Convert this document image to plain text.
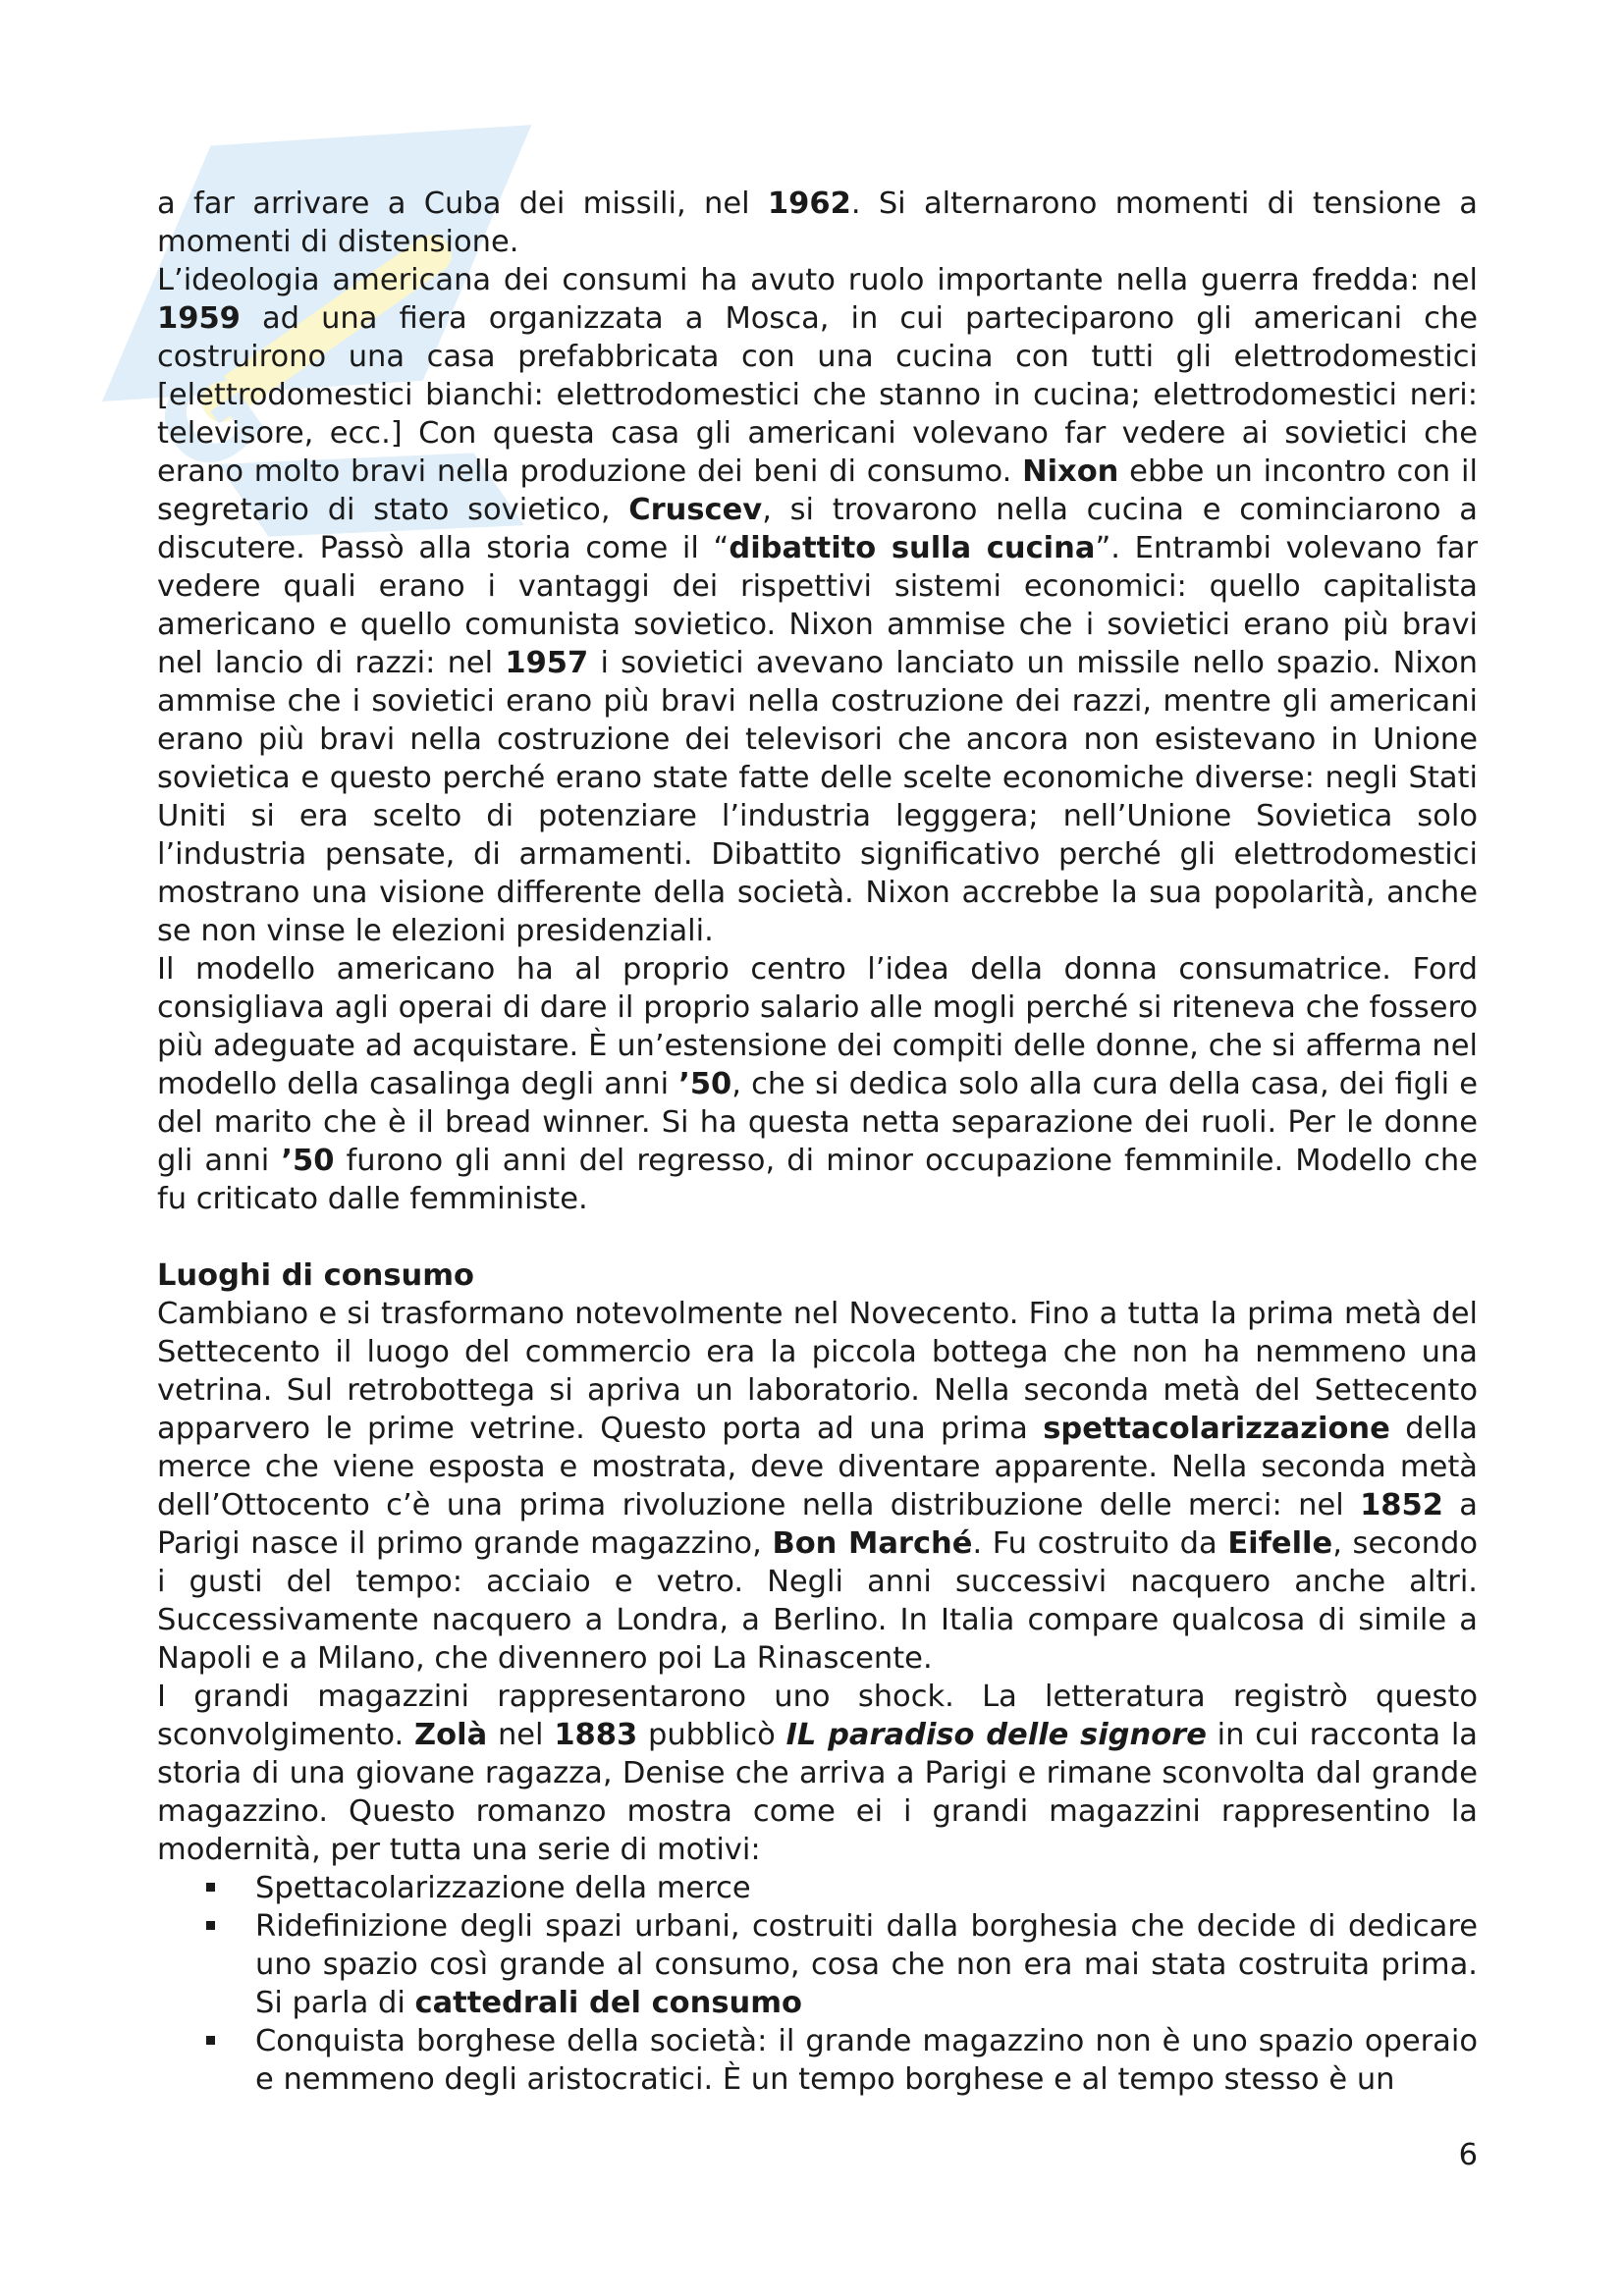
G

a far arrivare a Cuba dei missili, nel 1962. Si alternarono momenti di tensione a momenti di distensione.

L’ideologia americana dei consumi ha avuto ruolo importante nella guerra fredda: nel 1959 ad una fiera organizzata a Mosca, in cui parteciparono gli americani che costruirono una casa prefabbricata con una cucina con tutti gli elettrodomestici [elettrodomestici bianchi: elettrodomestici che stanno in cucina; elettrodomestici neri: televisore, ecc.] Con questa casa gli americani volevano far vedere ai sovietici che erano molto bravi nella produzione dei beni di consumo. Nixon ebbe un incontro con il segretario di stato sovietico, Cruscev, si trovarono nella cucina e cominciarono a discutere. Passò alla storia come il “dibattito sulla cucina”. Entrambi volevano far vedere quali erano i vantaggi dei rispettivi sistemi economici: quello capitalista americano e quello comunista sovietico. Nixon ammise che i sovietici erano più bravi nel lancio di razzi: nel 1957 i sovietici avevano lanciato un missile nello spazio. Nixon ammise che i sovietici erano più bravi nella costruzione dei razzi, mentre gli americani erano più bravi nella costruzione dei televisori che ancora non esistevano in Unione sovietica e questo perché erano state fatte delle scelte economiche diverse: negli Stati Uniti si era scelto di potenziare l’industria legggera; nell’Unione Sovietica solo l’industria pensate, di armamenti. Dibattito significativo perché gli elettrodomestici mostrano una visione differente della società. Nixon accrebbe la sua popolarità, anche se non vinse le elezioni presidenziali.

Il modello americano ha al proprio centro l’idea della donna consumatrice. Ford consigliava agli operai di dare il proprio salario alle mogli perché si riteneva che fossero più adeguate ad acquistare. È un’estensione dei compiti delle donne, che si afferma nel modello della casalinga degli anni ’50, che si dedica solo alla cura della casa, dei figli e del marito che è il bread winner. Si ha questa netta separazione dei ruoli. Per le donne gli anni ’50 furono gli anni del regresso, di minor occupazione femminile. Modello che fu criticato dalle femministe.

Luoghi di consumo

Cambiano e si trasformano notevolmente nel Novecento. Fino a tutta la prima metà del Settecento il luogo del commercio era la piccola bottega che non ha nemmeno una vetrina. Sul retrobottega si apriva un laboratorio. Nella seconda metà del Settecento apparvero le prime vetrine. Questo porta ad una prima spettacolarizzazione della merce che viene esposta e mostrata, deve diventare apparente. Nella seconda metà dell’Ottocento c’è una prima rivoluzione nella distribuzione delle merci: nel 1852 a Parigi nasce il primo grande magazzino, Bon Marché. Fu costruito da Eifelle, secondo i gusti del tempo: acciaio e vetro. Negli anni successivi nacquero anche altri. Successivamente nacquero a Londra, a Berlino. In Italia compare qualcosa di simile a Napoli e a Milano, che divennero poi La Rinascente.

I grandi magazzini rappresentarono uno shock. La letteratura registrò questo sconvolgimento. Zolà nel 1883 pubblicò IL paradiso delle signore in cui racconta la storia di una giovane ragazza, Denise che arriva a Parigi e rimane sconvolta dal grande magazzino. Questo romanzo mostra come ei i grandi magazzini rappresentino la modernità, per tutta una serie di motivi:

Spettacolarizzazione della merce
Ridefinizione degli spazi urbani, costruiti dalla borghesia che decide di dedicare uno spazio così grande al consumo, cosa che non era mai stata costruita prima. Si parla di cattedrali del consumo
Conquista borghese della società: il grande magazzino non è uno spazio operaio e nemmeno degli aristocratici. È un tempo borghese e al tempo stesso è un
6
